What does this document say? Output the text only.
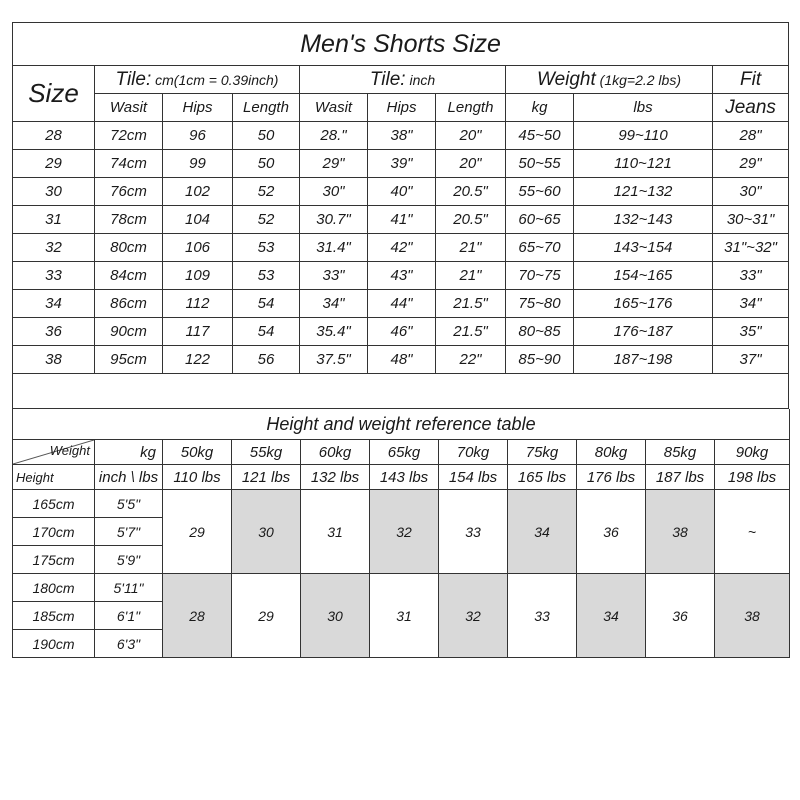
Men's Shorts Size									
Size	Tile: cm(1cm = 0.39inch)			Tile: inch			Weight (1kg=2.2 lbs)		Fit
	Wasit	Hips	Length	Wasit	Hips	Length	kg	lbs	Jeans
28	72cm	96	50	28."	38"	20"	45~50	99~110	28"
29	74cm	99	50	29"	39"	20"	50~55	110~121	29"
30	76cm	102	52	30"	40"	20.5"	55~60	121~132	30"
31	78cm	104	52	30.7"	41"	20.5"	60~65	132~143	30~31"
32	80cm	106	53	31.4"	42"	21"	65~70	143~154	31"~32"
33	84cm	109	53	33"	43"	21"	70~75	154~165	33"
34	86cm	112	54	34"	44"	21.5"	75~80	165~176	34"
36	90cm	117	54	35.4"	46"	21.5"	80~85	176~187	35"
38	95cm	122	56	37.5"	48"	22"	85~90	187~198	37"

Height and weight reference table										

Weight	kg	50kg	55kg	60kg	65kg	70kg	75kg	80kg	85kg	90kg
Height	inch \ lbs	110 lbs	121 lbs	132 lbs	143 lbs	154 lbs	165 lbs	176 lbs	187 lbs	198 lbs
165cm	5'5"	29	30	31	32	33	34	36	38	~
170cm	5'7"									
175cm	5'9"									
180cm	5'11"	28	29	30	31	32	33	34	36	38
185cm	6'1"									
190cm	6'3"									
